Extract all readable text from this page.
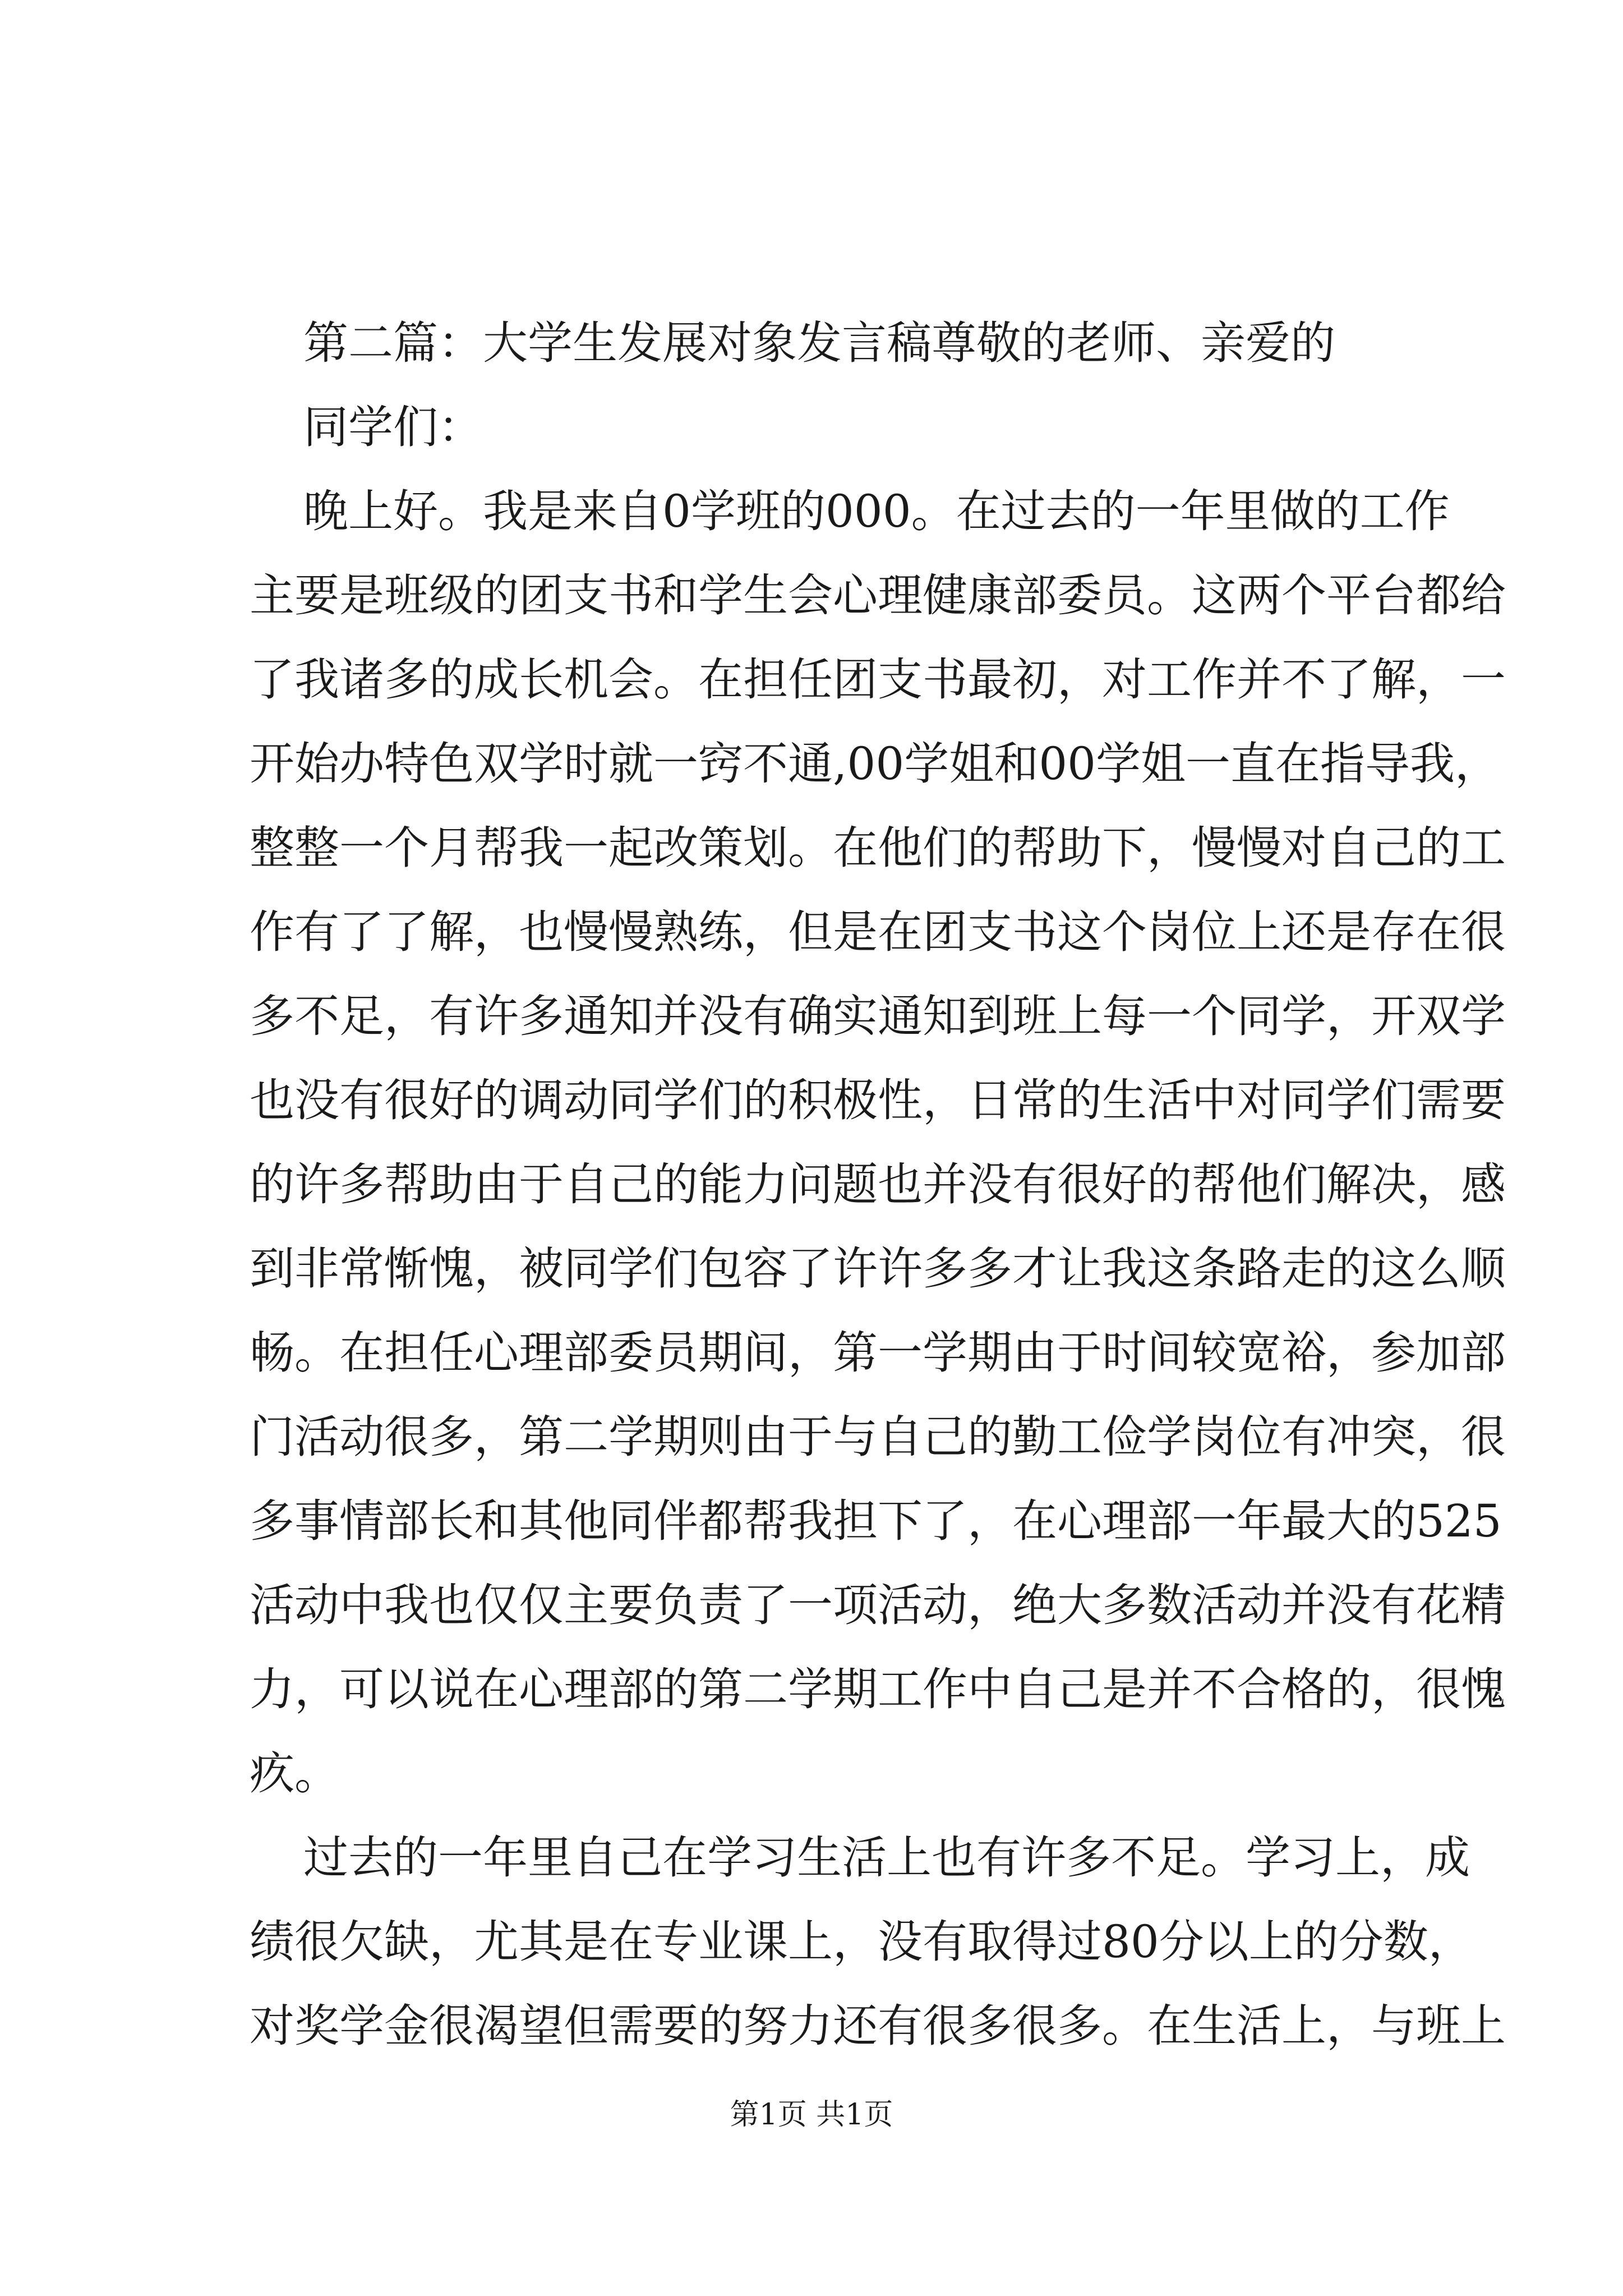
第二篇：大学生发展对象发言稿尊敬的老师、亲爱的

同学们：

晚上好。我是来自0学班的000。在过去的一年里做的工作

主要是班级的团支书和学生会心理健康部委员。这两个平台都给

了我诸多的成长机会。在担任团支书最初，对工作并不了解，一

开始办特色双学时就一窍不通,00学姐和00学姐一直在指导我，

整整一个月帮我一起改策划。在他们的帮助下，慢慢对自己的工

作有了了解，也慢慢熟练，但是在团支书这个岗位上还是存在很

多不足，有许多通知并没有确实通知到班上每一个同学，开双学

也没有很好的调动同学们的积极性，日常的生活中对同学们需要

的许多帮助由于自己的能力问题也并没有很好的帮他们解决，感

到非常惭愧，被同学们包容了许许多多才让我这条路走的这么顺

畅。在担任心理部委员期间，第一学期由于时间较宽裕，参加部

门活动很多，第二学期则由于与自己的勤工俭学岗位有冲突，很

多事情部长和其他同伴都帮我担下了，在心理部一年最大的525

活动中我也仅仅主要负责了一项活动，绝大多数活动并没有花精

力，可以说在心理部的第二学期工作中自己是并不合格的，很愧

疚。

过去的一年里自己在学习生活上也有许多不足。学习上，成

绩很欠缺，尤其是在专业课上，没有取得过80分以上的分数，

对奖学金很渴望但需要的努力还有很多很多。在生活上，与班上

第1页 共1页
